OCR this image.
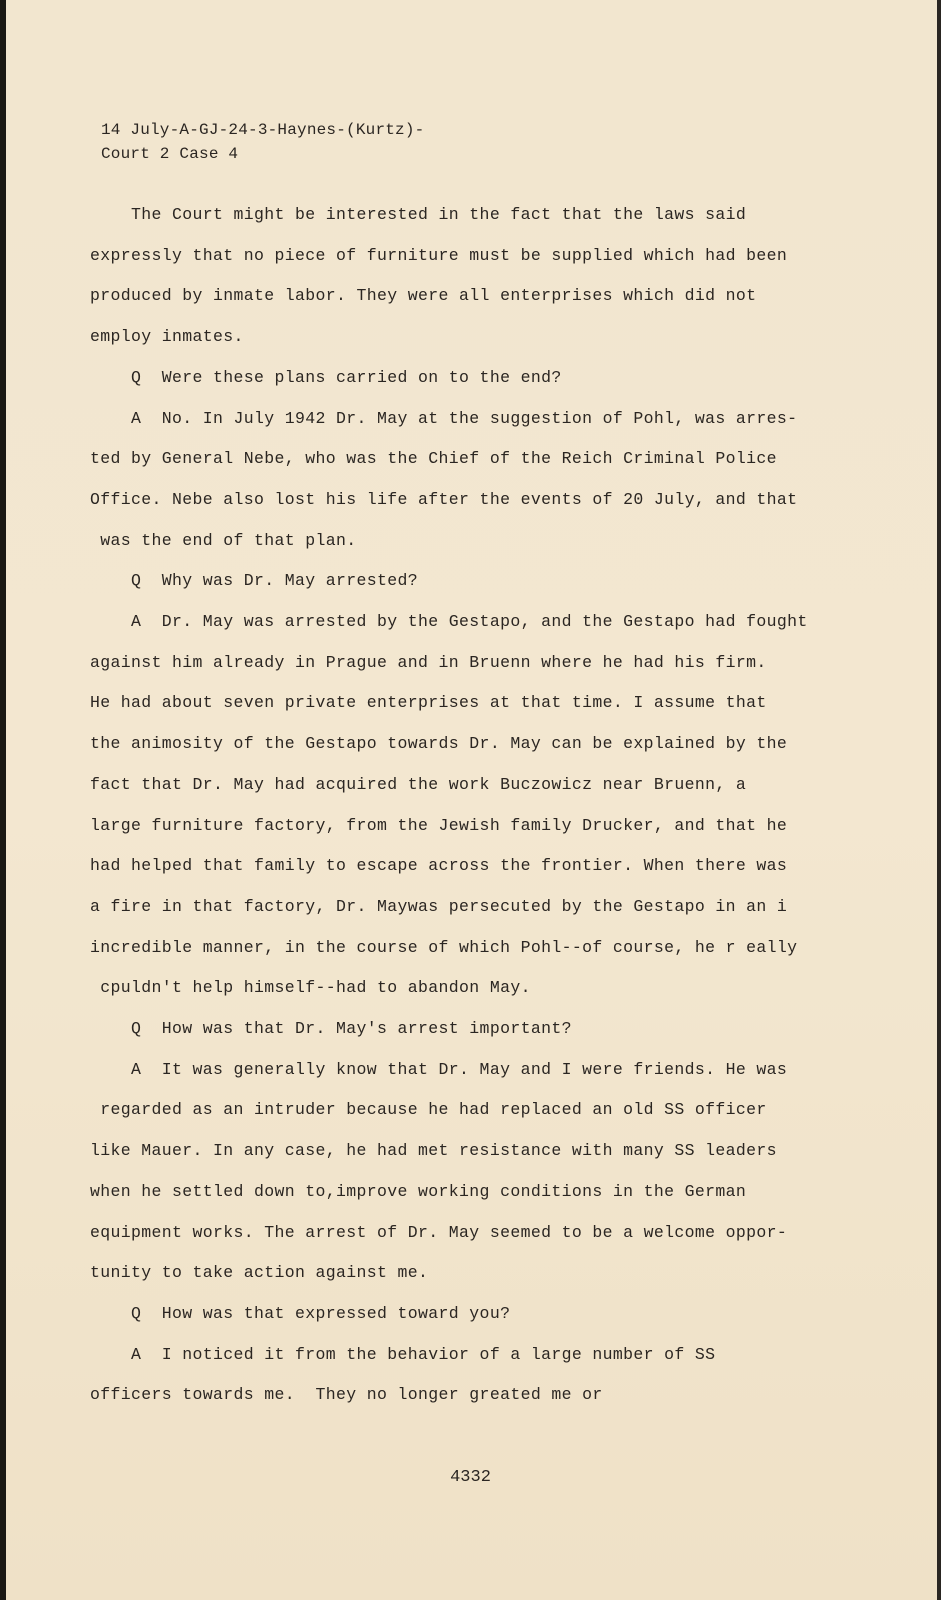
14 July-A-GJ-24-3-Haynes-(Kurtz)-
Court 2 Case 4
The Court might be interested in the fact that the laws said
expressly that no piece of furniture must be supplied which had been
produced by inmate labor. They were all enterprises which did not
employ inmates.
Q  Were these plans carried on to the end?
A  No. In July 1942 Dr. May at the suggestion of Pohl, was arres-
ted by General Nebe, who was the Chief of the Reich Criminal Police
Office. Nebe also lost his life after the events of 20 July, and that
was the end of that plan.
Q  Why was Dr. May arrested?
A  Dr. May was arrested by the Gestapo, and the Gestapo had fought
against him already in Prague and in Bruenn where he had his firm.
He had about seven private enterprises at that time. I assume that
the animosity of the Gestapo towards Dr. May can be explained by the
fact that Dr. May had acquired the work Buczowicz near Bruenn, a
large furniture factory, from the Jewish family Drucker, and that he
had helped that family to escape across the frontier. When there was
a fire in that factory, Dr. Maywas persecuted by the Gestapo in an i
incredible manner, in the course of which Pohl--of course, he r eally
cpuldn't help himself--had to abandon May.
Q  How was that Dr. May's arrest important?
A  It was generally know that Dr. May and I were friends. He was
regarded as an intruder because he had replaced an old SS officer
like Mauer. In any case, he had met resistance with many SS leaders
when he settled down to,improve working conditions in the German
equipment works. The arrest of Dr. May seemed to be a welcome oppor-
tunity to take action against me.
Q  How was that expressed toward you?
A  I noticed it from the behavior of a large number of SS
officers towards me.  They no longer greated me or
4332
